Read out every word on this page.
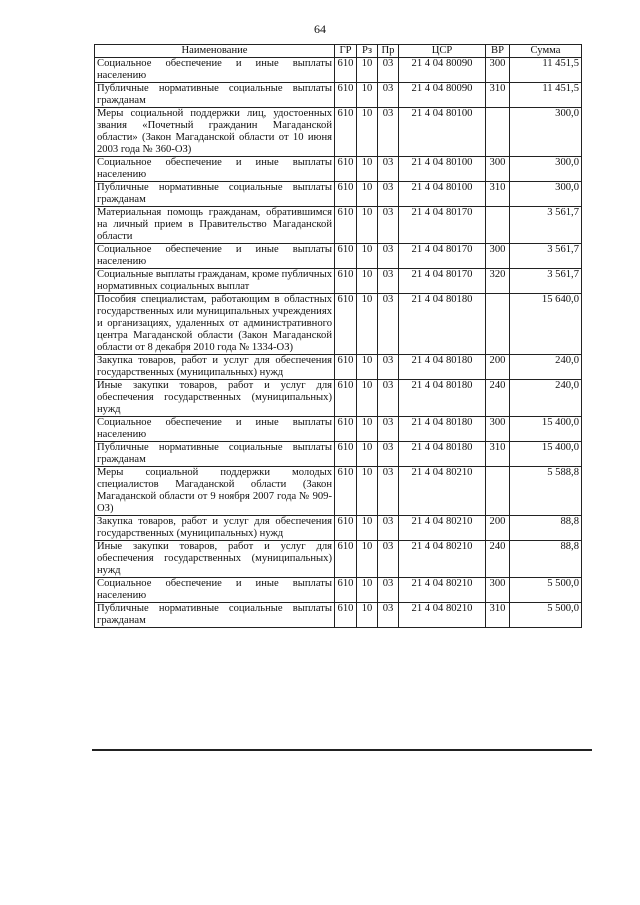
64
Наименование	ГР	Рз	Пр	ЦСР	ВР	Сумма
Социальное обеспечение и иные выплаты населению	610	10	03	21 4 04 80090	300	11 451,5
Публичные нормативные социальные выплаты гражданам	610	10	03	21 4 04 80090	310	11 451,5
Меры социальной поддержки лиц, удостоенных звания «Почетный гражданин Магаданской области» (Закон Магаданской области от 10 июня 2003 года № 360-ОЗ)	610	10	03	21 4 04 80100		300,0
Социальное обеспечение и иные выплаты населению	610	10	03	21 4 04 80100	300	300,0
Публичные нормативные социальные выплаты гражданам	610	10	03	21 4 04 80100	310	300,0
Материальная помощь гражданам, обратившимся на личный прием в Правительство Магаданской области	610	10	03	21 4 04 80170		3 561,7
Социальное обеспечение и иные выплаты населению	610	10	03	21 4 04 80170	300	3 561,7
Социальные выплаты гражданам, кроме публичных нормативных социальных выплат	610	10	03	21 4 04 80170	320	3 561,7
Пособия специалистам, работающим в областных государственных или муниципальных учреждениях и организациях, удаленных от административного центра Магаданской области (Закон Магаданской области от 8 декабря 2010 года № 1334-ОЗ)	610	10	03	21 4 04 80180		15 640,0
Закупка товаров, работ и услуг для обеспечения государственных (муниципальных) нужд	610	10	03	21 4 04 80180	200	240,0
Иные закупки товаров, работ и услуг для обеспечения государственных (муниципальных) нужд	610	10	03	21 4 04 80180	240	240,0
Социальное обеспечение и иные выплаты населению	610	10	03	21 4 04 80180	300	15 400,0
Публичные нормативные социальные выплаты гражданам	610	10	03	21 4 04 80180	310	15 400,0
Меры социальной поддержки молодых специалистов Магаданской области (Закон Магаданской области от 9 ноября 2007 года № 909-ОЗ)	610	10	03	21 4 04 80210		5 588,8
Закупка товаров, работ и услуг для обеспечения государственных (муниципальных) нужд	610	10	03	21 4 04 80210	200	88,8
Иные закупки товаров, работ и услуг для обеспечения государственных (муниципальных) нужд	610	10	03	21 4 04 80210	240	88,8
Социальное обеспечение и иные выплаты населению	610	10	03	21 4 04 80210	300	5 500,0
Публичные нормативные социальные выплаты гражданам	610	10	03	21 4 04 80210	310	5 500,0
